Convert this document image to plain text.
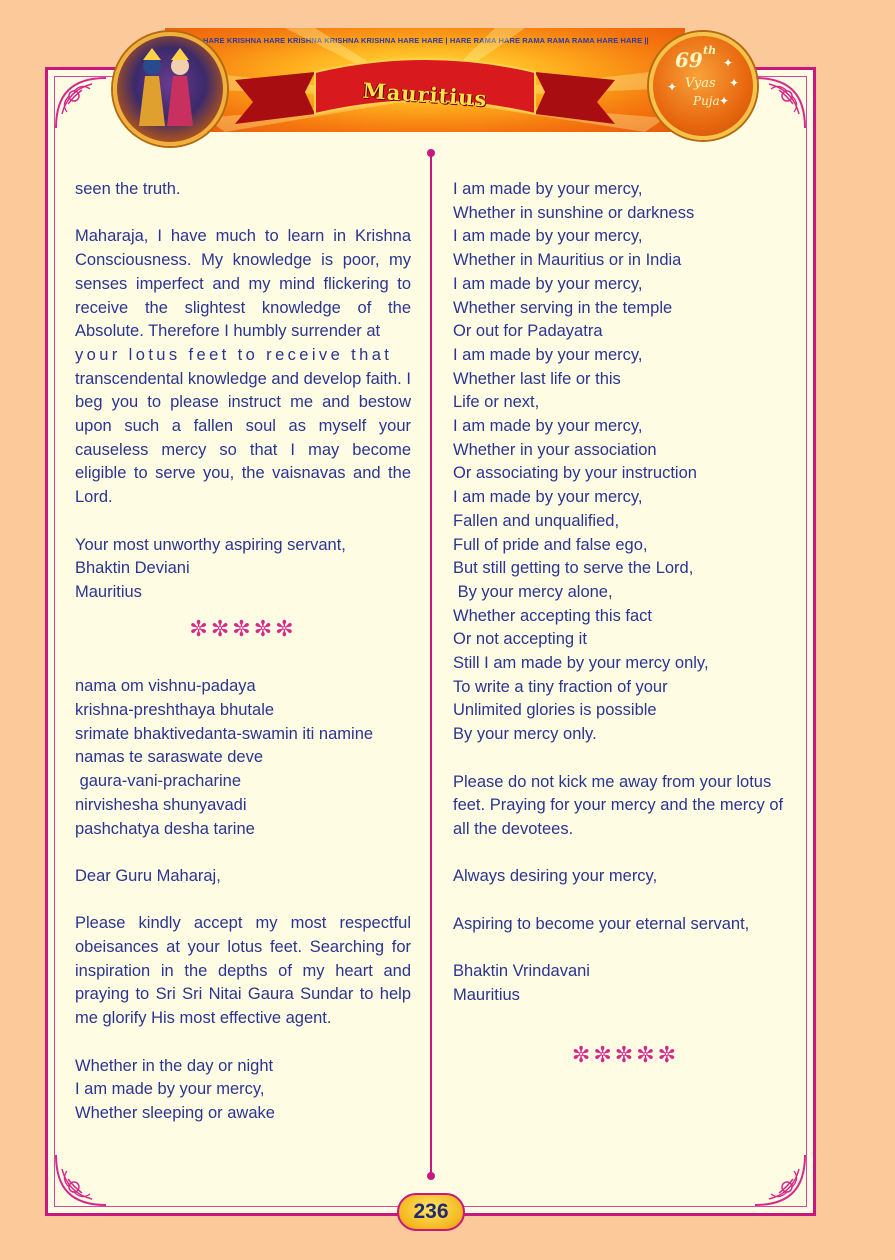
HARE KRISHNA HARE KRISHNA KRISHNA KRISHNA HARE HARE | HARE RAMA HARE RAMA RAMA RAMA HARE HARE ||
Mauritius
69 th
Vyas
Puja
✦
✦
✦
✦

seen the truth.

Maharaja, I have much to learn in Krishna Consciousness. My knowledge is poor, my senses imperfect and my mind flickering to receive the slightest knowledge of the Absolute. Therefore I humbly surrender at

your lotus feet to receive that

transcendental knowledge and develop faith. I beg you to please instruct me and bestow upon such a fallen soul as myself your causeless mercy so that I may become eligible to serve you, the vaisnavas and the Lord.

Your most unworthy aspiring servant,

Bhaktin Deviani

Mauritius

✼✼✼✼✼

nama om vishnu-padaya

krishna-preshthaya bhutale

srimate bhaktivedanta-swamin iti namine

namas te saraswate deve

gaura-vani-pracharine

nirvishesha shunyavadi

pashchatya desha tarine

Dear Guru Maharaj,

Please kindly accept my most respectful obeisances at your lotus feet. Searching for inspiration in the depths of my heart and praying to Sri Sri Nitai Gaura Sundar to help me glorify His most effective agent.

Whether in the day or night

I am made by your mercy,

Whether sleeping or awake

I am made by your mercy,

Whether in sunshine or darkness

I am made by your mercy,

Whether in Mauritius or in India

I am made by your mercy,

Whether serving in the temple

Or out for Padayatra

I am made by your mercy,

Whether last life or this

Life or next,

I am made by your mercy,

Whether in your association

Or associating by your instruction

I am made by your mercy,

Fallen and unqualified,

Full of pride and false ego,

But still getting to serve the Lord,

By your mercy alone,

Whether accepting this fact

Or not accepting it

Still I am made by your mercy only,

To write a tiny fraction of your

Unlimited glories is possible

By your mercy only.

Please do not kick me away from your lotus feet. Praying for your mercy and the mercy of all the devotees.

Always desiring your mercy,

Aspiring to become your eternal servant,

Bhaktin Vrindavani

Mauritius

✼✼✼✼✼
236
